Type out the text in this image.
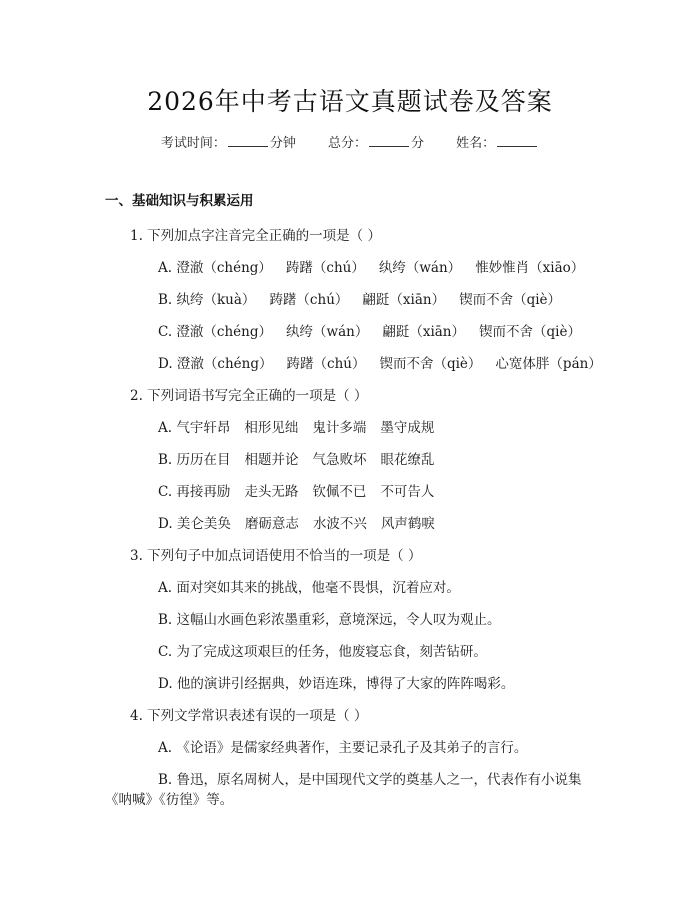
2026年中考古语文真题试卷及答案
考试时间：	分钟 总分：	分 姓名：
一、基础知识与积累运用
1. 下列加点字注音完全正确的一项是（ ）
A. 澄澈（chéng） 踌躇（chú） 纨绔（wán） 惟妙惟肖（xiāo）
B. 纨绔（kuà） 踌躇（chú） 翩跹（xiān） 锲而不舍（qiè）
C. 澄澈（chéng） 纨绔（wán） 翩跹（xiān） 锲而不舍（qiè）
D. 澄澈（chéng） 踌躇（chú） 锲而不舍（qiè） 心宽体胖（pán）
2. 下列词语书写完全正确的一项是（ ）
A. 气宇轩昂 相形见绌 鬼计多端 墨守成规
B. 历历在目 相题并论 气急败坏 眼花缭乱
C. 再接再励 走头无路 钦佩不已 不可告人
D. 美仑美奂 磨砺意志 水波不兴 风声鹤唳
3. 下列句子中加点词语使用不恰当的一项是（ ）
A. 面对突如其来的挑战，他毫不畏惧，沉着应对。
B. 这幅山水画色彩浓墨重彩，意境深远，令人叹为观止。
C. 为了完成这项艰巨的任务，他废寝忘食，刻苦钻研。
D. 他的演讲引经据典，妙语连珠，博得了大家的阵阵喝彩。
4. 下列文学常识表述有误的一项是（ ）
A. 《论语》是儒家经典著作，主要记录孔子及其弟子的言行。
B. 鲁迅，原名周树人，是中国现代文学的奠基人之一，代表作有小说集
《呐喊》《彷徨》等。
